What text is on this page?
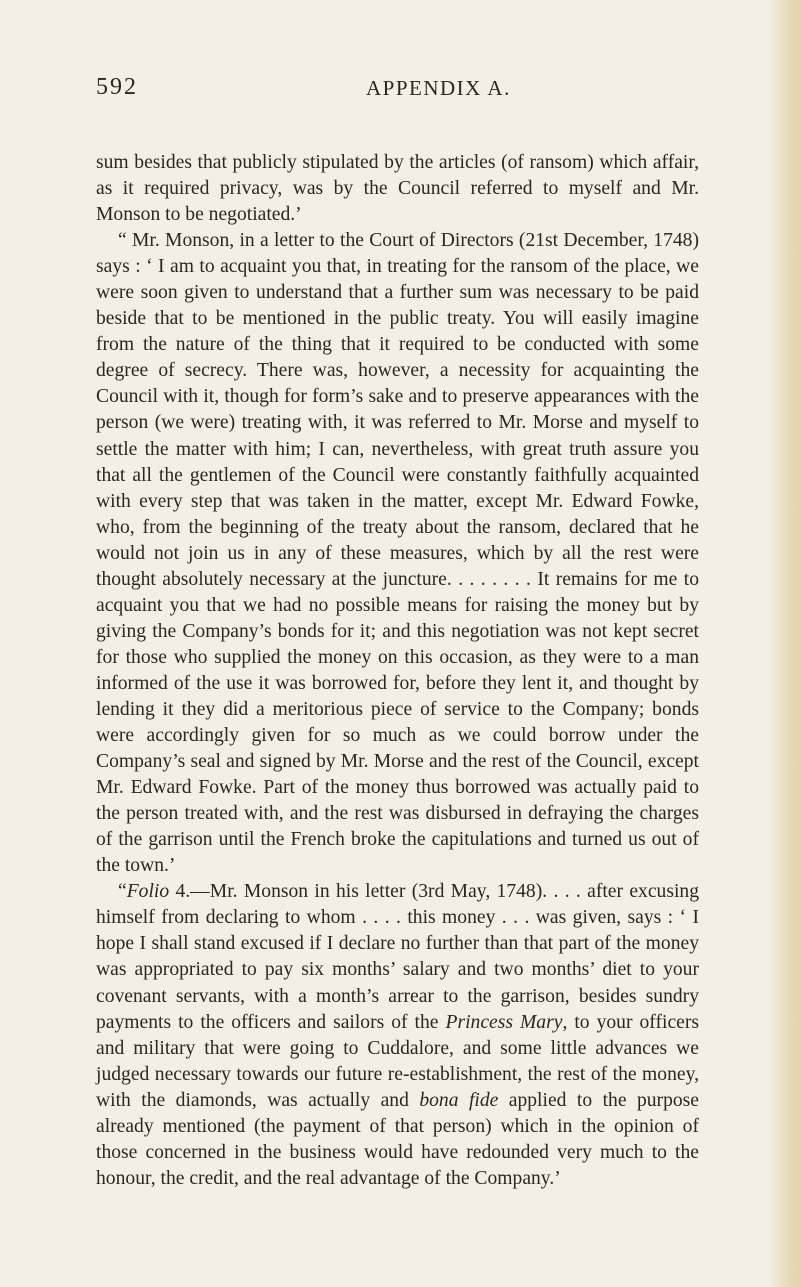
592	APPENDIX A.

sum besides that publicly stipulated by the articles (of ransom) which affair, as it required privacy, was by the Council referred to myself and Mr. Monson to be negotiated.’

“ Mr. Monson, in a letter to the Court of Directors (21st December, 1748) says : ‘ I am to acquaint you that, in treating for the ransom of the place, we were soon given to understand that a further sum was necessary to be paid beside that to be mentioned in the public treaty. You will easily imagine from the nature of the thing that it required to be conducted with some degree of secrecy. There was, however, a necessity for acquainting the Council with it, though for form’s sake and to preserve appearances with the person (we were) treating with, it was referred to Mr. Morse and myself to settle the matter with him; I can, nevertheless, with great truth assure you that all the gentlemen of the Council were constantly faithfully acquainted with every step that was taken in the matter, except Mr. Edward Fowke, who, from the beginning of the treaty about the ransom, declared that he would not join us in any of these measures, which by all the rest were thought absolutely necessary at the juncture. . . . . . . . It remains for me to acquaint you that we had no possible means for raising the money but by giving the Company’s bonds for it; and this negotiation was not kept secret for those who supplied the money on this occasion, as they were to a man informed of the use it was borrowed for, before they lent it, and thought by lending it they did a meritorious piece of service to the Company; bonds were accordingly given for so much as we could borrow under the Company’s seal and signed by Mr. Morse and the rest of the Council, except Mr. Edward Fowke. Part of the money thus borrowed was actually paid to the person treated with, and the rest was disbursed in defraying the charges of the garrison until the French broke the capitulations and turned us out of the town.’

“Folio 4.—Mr. Monson in his letter (3rd May, 1748). . . . after excusing himself from declaring to whom . . . . this money . . . was given, says : ‘ I hope I shall stand excused if I declare no further than that part of the money was appropriated to pay six months’ salary and two months’ diet to your covenant servants, with a month’s arrear to the garrison, besides sundry payments to the officers and sailors of the Princess Mary, to your officers and military that were going to Cuddalore, and some little advances we judged necessary towards our future re-establishment, the rest of the money, with the diamonds, was actually and bona fide applied to the purpose already mentioned (the payment of that person) which in the opinion of those concerned in the business would have redounded very much to the honour, the credit, and the real advantage of the Company.’
